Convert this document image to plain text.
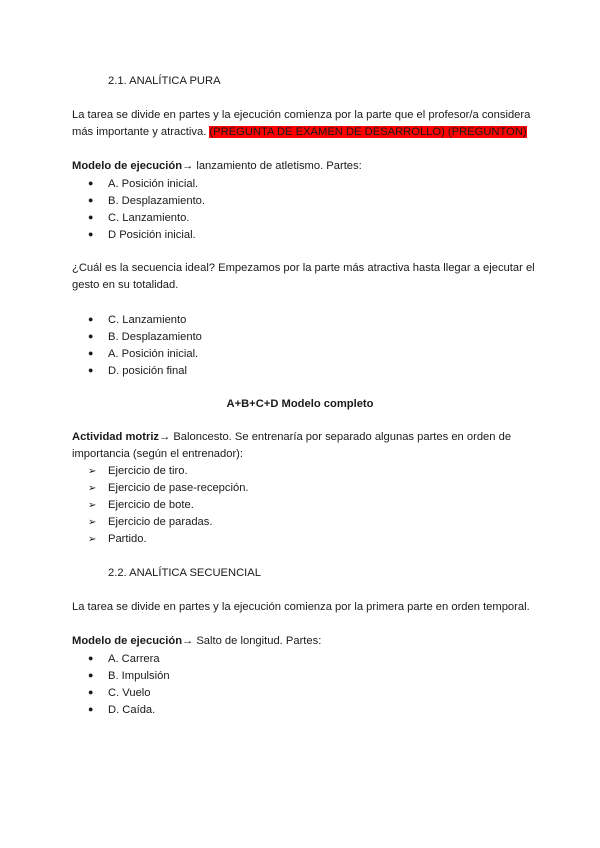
2.1. ANALÍTICA PURA
La tarea se divide en partes y la ejecución comienza por la parte que el profesor/a considera
más importante y atractiva. (PREGUNTA DE EXAMEN DE DESARROLLO) (PREGUNTON)
Modelo de ejecución→ lanzamiento de atletismo. Partes:
● A. Posición inicial.
● B. Desplazamiento.
● C. Lanzamiento.
● D Posición inicial.
¿Cuál es la secuencia ideal? Empezamos por la parte más atractiva hasta llegar a ejecutar el
gesto en su totalidad.
● C. Lanzamiento
● B. Desplazamiento
● A. Posición inicial.
● D. posición final
A+B+C+D Modelo completo
Actividad motriz→ Baloncesto. Se entrenaría por separado algunas partes en orden de
importancia (según el entrenador):
➢ Ejercicio de tiro.
➢ Ejercicio de pase-recepción.
➢ Ejercicio de bote.
➢ Ejercicio de paradas.
➢ Partido.
2.2. ANALÍTICA SECUENCIAL
La tarea se divide en partes y la ejecución comienza por la primera parte en orden temporal.
Modelo de ejecución→ Salto de longitud. Partes:
● A. Carrera
● B. Impulsión
● C. Vuelo
● D. Caída.
